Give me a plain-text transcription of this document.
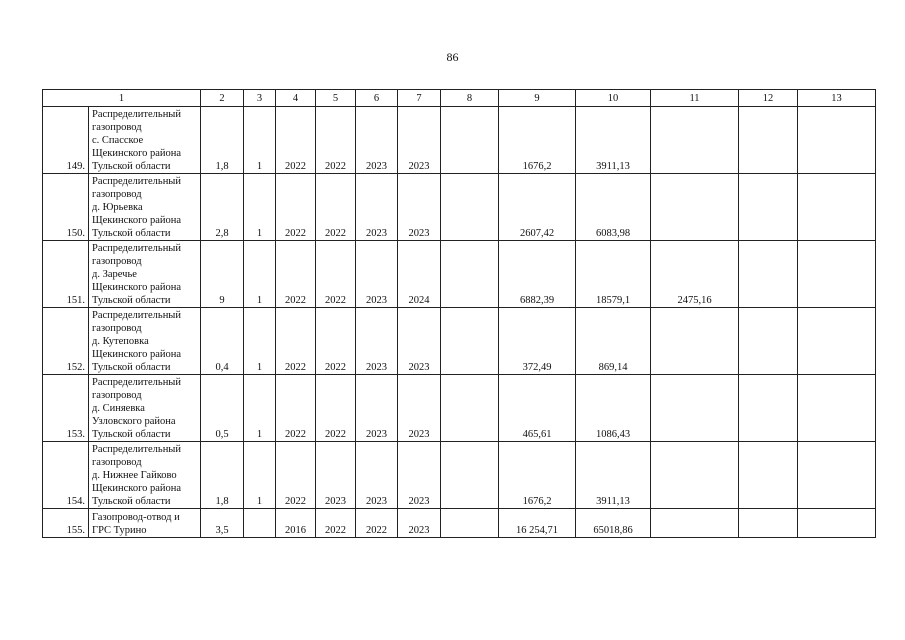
86
1		2	3	4	5	6	7	8	9	10	11	12	13
149.	Распределительный
газопровод
с. Спасское
Щекинского района
Тульской области	1,8	1	2022	2022	2023	2023		1676,2	3911,13			
150.	Распределительный
газопровод
д. Юрьевка
Щекинского района
Тульской области	2,8	1	2022	2022	2023	2023		2607,42	6083,98			
151.	Распределительный
газопровод
д. Заречье
Щекинского района
Тульской области	9	1	2022	2022	2023	2024		6882,39	18579,1	2475,16		
152.	Распределительный
газопровод
д. Кутеповка
Щекинского района
Тульской области	0,4	1	2022	2022	2023	2023		372,49	869,14			
153.	Распределительный
газопровод
д. Синяевка
Узловского района
Тульской области	0,5	1	2022	2022	2023	2023		465,61	1086,43			
154.	Распределительный
газопровод
д. Нижнее Гайково
Щекинского района
Тульской области	1,8	1	2022	2023	2023	2023		1676,2	3911,13			
155.	Газопровод-отвод и
ГРС Турино	3,5		2016	2022	2022	2023		16 254,71	65018,86			
